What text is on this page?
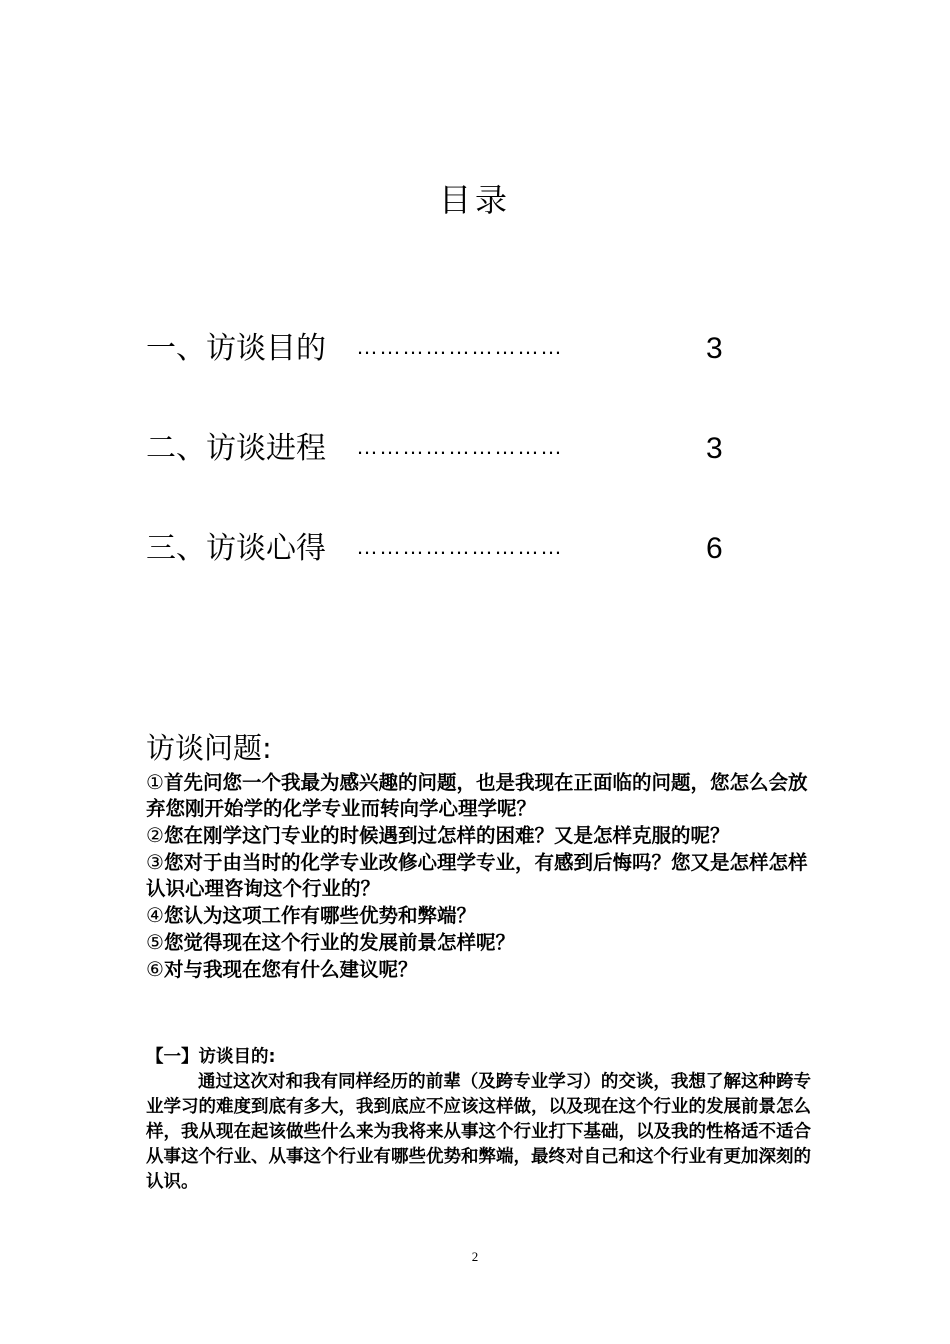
目录
一、访谈目的 ………………………	3
二、访谈进程 ………………………	3
三、访谈心得 ………………………	6
访谈问题:

①首先问您一个我最为感兴趣的问题，也是我现在正面临的问题，您怎么会放弃您刚开始学的化学专业而转向学心理学呢？

②您在刚学这门专业的时候遇到过怎样的困难？又是怎样克服的呢？

③您对于由当时的化学专业改修心理学专业，有感到后悔吗？您又是怎样怎样认识心理咨询这个行业的？

④您认为这项工作有哪些优势和弊端？

⑤您觉得现在这个行业的发展前景怎样呢？

⑥对与我现在您有什么建议呢？

【一】访谈目的:

通过这次对和我有同样经历的前辈（及跨专业学习）的交谈，我想了解这种跨专业学习的难度到底有多大，我到底应不应该这样做，以及现在这个行业的发展前景怎么样，我从现在起该做些什么来为我将来从事这个行业打下基础，以及我的性格适不适合从事这个行业、从事这个行业有哪些优势和弊端，最终对自己和这个行业有更加深刻的认识。

2
